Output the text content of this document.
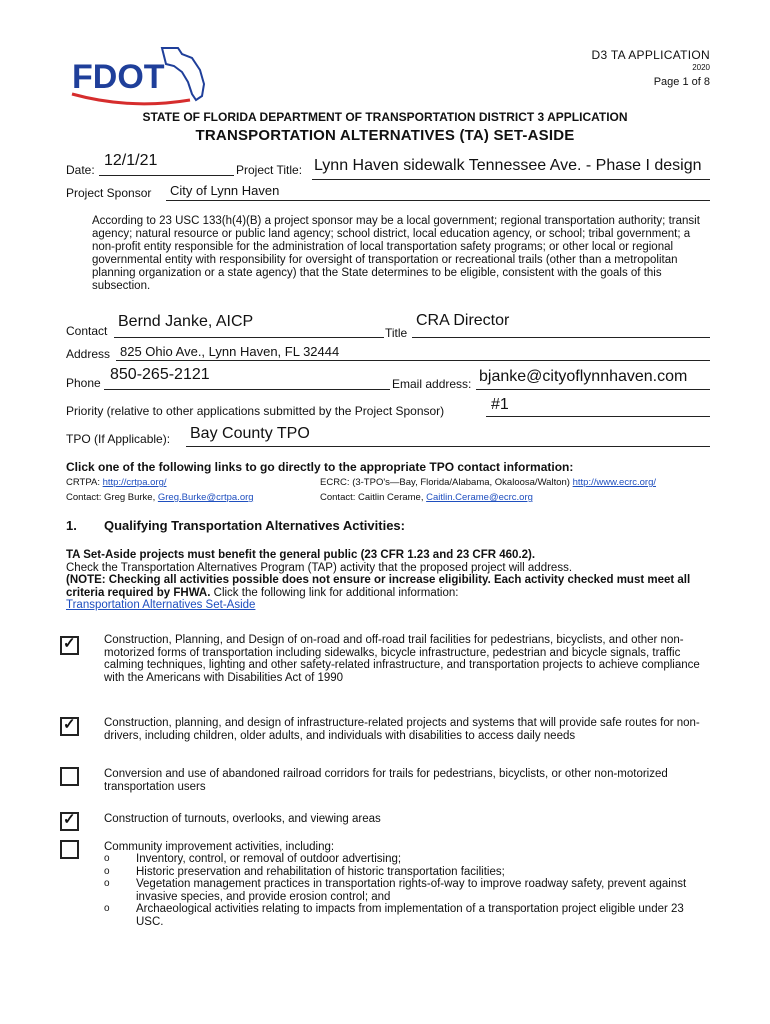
FDOT
D3 TA APPLICATION
2020
Page 1 of 8
STATE OF FLORIDA DEPARTMENT OF TRANSPORTATION DISTRICT 3 APPLICATION
TRANSPORTATION ALTERNATIVES (TA) SET-ASIDE
Date:
12/1/21
Project Title: Lynn Haven sidewalk Tennessee Ave. - Phase I design
Project Sponsor City of Lynn Haven
According to 23 USC 133(h(4)(B) a project sponsor may be a local government; regional transportation authority; transit agency; natural resource or public land agency; school district, local education agency, or school; tribal government; a non-profit entity responsible for the administration of local transportation safety programs; or other local or regional governmental entity with responsibility for oversight of transportation or recreational trails (other than a metropolitan planning organization or a state agency) that the State determines to be eligible, consistent with the goals of this subsection.
Contact
Bernd Janke, AICP
Title
CRA Director
Address 825 Ohio Ave., Lynn Haven, FL 32444
Phone 850-265-2121
Email address: bjanke@cityoflynnhaven.com
Priority (relative to other applications submitted by the Project Sponsor)	#1
TPO (If Applicable): Bay County TPO
Click one of the following links to go directly to the appropriate TPO contact information:
CRTPA: http://crtpa.org/
Contact: Greg Burke, Greg.Burke@crtpa.org
ECRC: (3-TPO's—Bay, Florida/Alabama, Okaloosa/Walton) http://www.ecrc.org/
Contact: Caitlin Cerame, Caitlin.Cerame@ecrc.org
1. Qualifying Transportation Alternatives Activities:
TA Set-Aside projects must benefit the general public (23 CFR 1.23 and 23 CFR 460.2).
Check the Transportation Alternatives Program (TAP) activity that the proposed project will address.
(NOTE: Checking all activities possible does not ensure or increase eligibility. Each activity checked must meet all criteria required by FHWA. Click the following link for additional information:
Transportation Alternatives Set-Aside
✓ Construction, Planning, and Design of on-road and off-road trail facilities for pedestrians, bicyclists, and other non-motorized forms of transportation including sidewalks, bicycle infrastructure, pedestrian and bicycle signals, traffic calming techniques, lighting and other safety-related infrastructure, and transportation projects to achieve compliance with the Americans with Disabilities Act of 1990
✓ Construction, planning, and design of infrastructure-related projects and systems that will provide safe routes for non-drivers, including children, older adults, and individuals with disabilities to access daily needs
Conversion and use of abandoned railroad corridors for trails for pedestrians, bicyclists, or other non-motorized transportation users
✓ Construction of turnouts, overlooks, and viewing areas
Community improvement activities, including:
o Inventory, control, or removal of outdoor advertising;
o Historic preservation and rehabilitation of historic transportation facilities;
o Vegetation management practices in transportation rights-of-way to improve roadway safety, prevent against invasive species, and provide erosion control; and
o Archaeological activities relating to impacts from implementation of a transportation project eligible under 23 USC.
